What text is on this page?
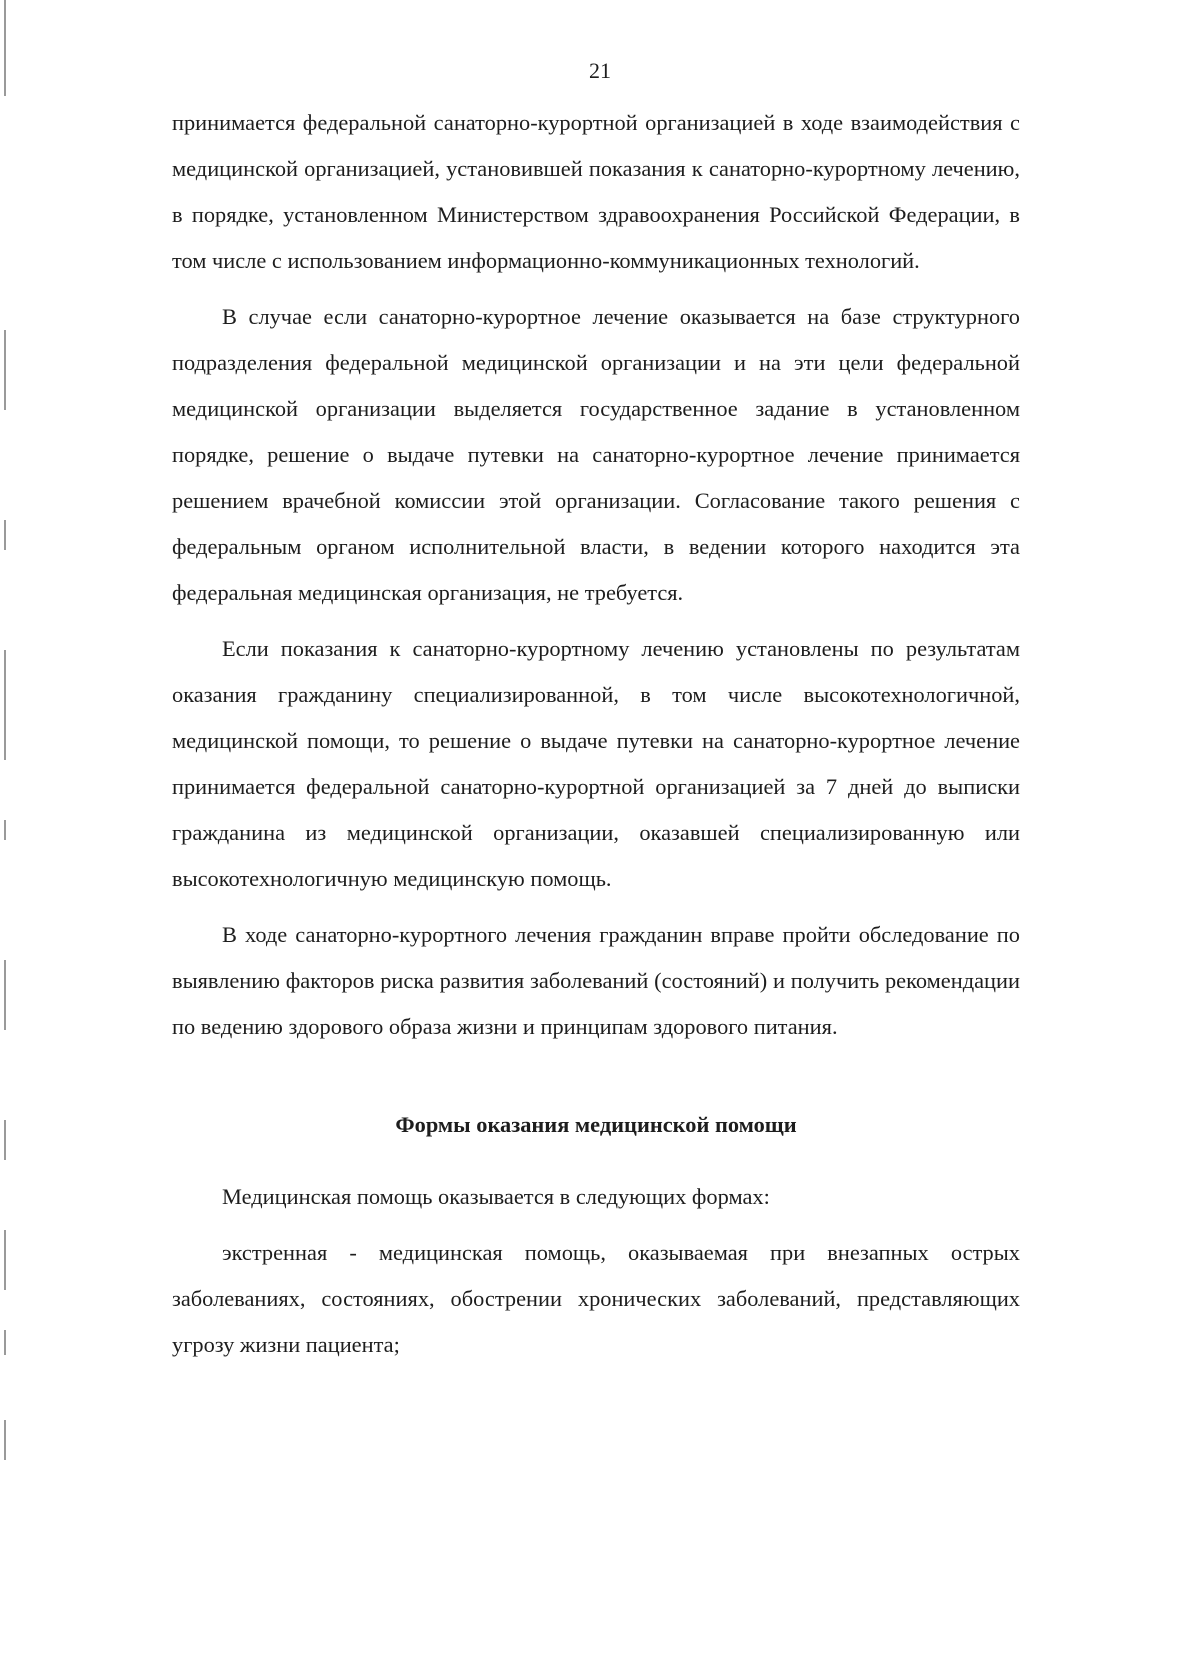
21

принимается федеральной санаторно-курортной организацией в ходе взаимодействия с медицинской организацией, установившей показания к санаторно-курортному лечению, в порядке, установленном Министерством здравоохранения Российской Федерации, в том числе с использованием информационно-коммуникационных технологий.

В случае если санаторно-курортное лечение оказывается на базе структурного подразделения федеральной медицинской организации и на эти цели федеральной медицинской организации выделяется государственное задание в установленном порядке, решение о выдаче путевки на санаторно-курортное лечение принимается решением врачебной комиссии этой организации. Согласование такого решения с федеральным органом исполнительной власти, в ведении которого находится эта федеральная медицинская организация, не требуется.

Если показания к санаторно-курортному лечению установлены по результатам оказания гражданину специализированной, в том числе высокотехнологичной, медицинской помощи, то решение о выдаче путевки на санаторно-курортное лечение принимается федеральной санаторно-курортной организацией за 7 дней до выписки гражданина из медицинской организации, оказавшей специализированную или высокотехнологичную медицинскую помощь.

В ходе санаторно-курортного лечения гражданин вправе пройти обследование по выявлению факторов риска развития заболеваний (состояний) и получить рекомендации по ведению здорового образа жизни и принципам здорового питания.

Формы оказания медицинской помощи

Медицинская помощь оказывается в следующих формах:

экстренная - медицинская помощь, оказываемая при внезапных острых заболеваниях, состояниях, обострении хронических заболеваний, представляющих угрозу жизни пациента;
